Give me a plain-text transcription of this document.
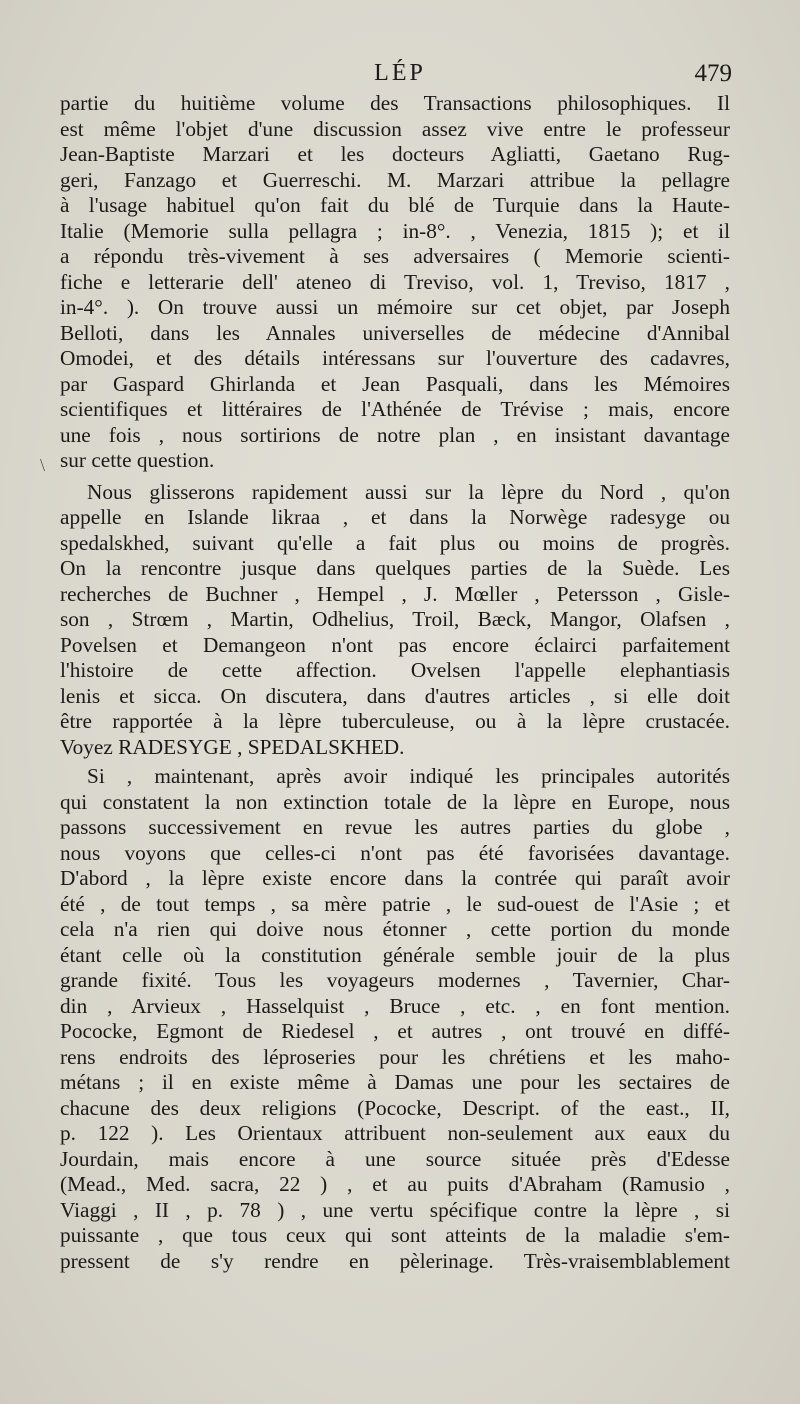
LÉP	479
\
partie du huitième volume des Transactions philosophiques. Il
est même l'objet d'une discussion assez vive entre le professeur
Jean-Baptiste Marzari et les docteurs Agliatti, Gaetano Rug-
geri, Fanzago et Guerreschi. M. Marzari attribue la pellagre
à l'usage habituel qu'on fait du blé de Turquie dans la Haute-
Italie (Memorie sulla pellagra ; in-8°. , Venezia, 1815 ); et il
a répondu très-vivement à ses adversaires ( Memorie scienti-
fiche e letterarie dell' ateneo di Treviso, vol. 1, Treviso, 1817 ,
in-4°. ). On trouve aussi un mémoire sur cet objet, par Joseph
Belloti, dans les Annales universelles de médecine d'Annibal
Omodei, et des détails intéressans sur l'ouverture des cadavres,
par Gaspard Ghirlanda et Jean Pasquali, dans les Mémoires
scientifiques et littéraires de l'Athénée de Trévise ; mais, encore
une fois , nous sortirions de notre plan , en insistant davantage
sur cette question.
Nous glisserons rapidement aussi sur la lèpre du Nord , qu'on
appelle en Islande likraa , et dans la Norwège radesyge ou
spedalskhed, suivant qu'elle a fait plus ou moins de progrès.
On la rencontre jusque dans quelques parties de la Suède. Les
recherches de Buchner , Hempel , J. Mœller , Petersson , Gisle-
son , Strœm , Martin, Odhelius, Troil, Bæck, Mangor, Olafsen ,
Povelsen et Demangeon n'ont pas encore éclairci parfaitement
l'histoire de cette affection. Ovelsen l'appelle elephantiasis
lenis et sicca. On discutera, dans d'autres articles , si elle doit
être rapportée à la lèpre tuberculeuse, ou à la lèpre crustacée.
Voyez RADESYGE , SPEDALSKHED.
Si , maintenant, après avoir indiqué les principales autorités
qui constatent la non extinction totale de la lèpre en Europe, nous
passons successivement en revue les autres parties du globe ,
nous voyons que celles-ci n'ont pas été favorisées davantage.
D'abord , la lèpre existe encore dans la contrée qui paraît avoir
été , de tout temps , sa mère patrie , le sud-ouest de l'Asie ; et
cela n'a rien qui doive nous étonner , cette portion du monde
étant celle où la constitution générale semble jouir de la plus
grande fixité. Tous les voyageurs modernes , Tavernier, Char-
din , Arvieux , Hasselquist , Bruce , etc. , en font mention.
Pococke, Egmont de Riedesel , et autres , ont trouvé en diffé-
rens endroits des léproseries pour les chrétiens et les maho-
métans ; il en existe même à Damas une pour les sectaires de
chacune des deux religions (Pococke, Descript. of the east., II,
p. 122 ). Les Orientaux attribuent non-seulement aux eaux du
Jourdain, mais encore à une source située près d'Edesse
(Mead., Med. sacra, 22 ) , et au puits d'Abraham (Ramusio ,
Viaggi , II , p. 78 ) , une vertu spécifique contre la lèpre , si
puissante , que tous ceux qui sont atteints de la maladie s'em-
pressent de s'y rendre en pèlerinage. Très-vraisemblablement
